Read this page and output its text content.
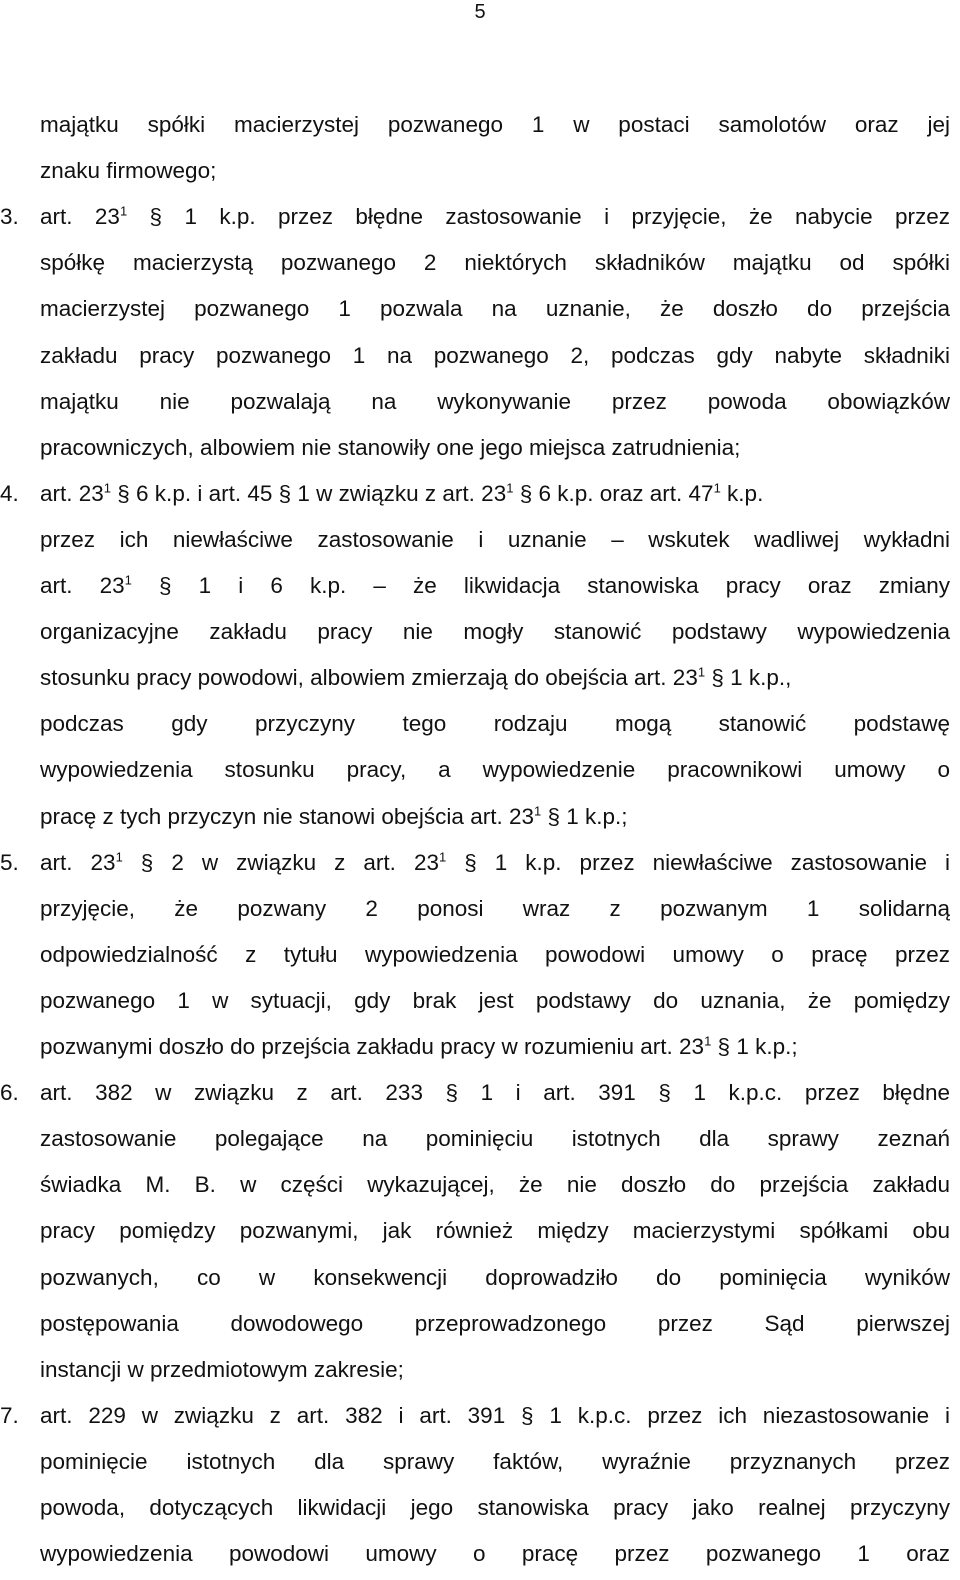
5
majątku spółki macierzystej pozwanego 1 w postaci samolotów oraz jej
znaku firmowego;
3. art. $23^1$ § 1 k.p. przez błędne zastosowanie i przyjęcie, że nabycie przez
spółkę macierzystą pozwanego 2 niektórych składników majątku od spółki
macierzystej pozwanego 1 pozwala na uznanie, że doszło do przejścia
zakładu pracy pozwanego 1 na pozwanego 2, podczas gdy nabyte składniki
majątku nie pozwalają na wykonywanie przez powoda obowiązków
pracowniczych, albowiem nie stanowiły one jego miejsca zatrudnienia;
4. art. $23^1$ § 6 k.p. i art. 45 § 1 w związku z art. $23^1$ § 6 k.p. oraz art. $47^1$ k.p.
przez ich niewłaściwe zastosowanie i uznanie – wskutek wadliwej wykładni
art. $23^1$ § 1 i 6 k.p. – że likwidacja stanowiska pracy oraz zmiany
organizacyjne zakładu pracy nie mogły stanowić podstawy wypowiedzenia
stosunku pracy powodowi, albowiem zmierzają do obejścia art. $23^1$ § 1 k.p.,
podczas gdy przyczyny tego rodzaju mogą stanowić podstawę
wypowiedzenia stosunku pracy, a wypowiedzenie pracownikowi umowy o
pracę z tych przyczyn nie stanowi obejścia art. $23^1$ § 1 k.p.;
5. art. $23^1$ § 2 w związku z art. $23^1$ § 1 k.p. przez niewłaściwe zastosowanie i
przyjęcie, że pozwany 2 ponosi wraz z pozwanym 1 solidarną
odpowiedzialność z tytułu wypowiedzenia powodowi umowy o pracę przez
pozwanego 1 w sytuacji, gdy brak jest podstawy do uznania, że pomiędzy
pozwanymi doszło do przejścia zakładu pracy w rozumieniu art. $23^1$ § 1 k.p.;
6. art. 382 w związku z art. 233 § 1 i art. 391 § 1 k.p.c. przez błędne
zastosowanie polegające na pominięciu istotnych dla sprawy zeznań
świadka M. B. w części wykazującej, że nie doszło do przejścia zakładu
pracy pomiędzy pozwanymi, jak również między macierzystymi spółkami obu
pozwanych, co w konsekwencji doprowadziło do pominięcia wyników
postępowania dowodowego przeprowadzonego przez Sąd pierwszej
instancji w przedmiotowym zakresie;
7. art. 229 w związku z art. 382 i art. 391 § 1 k.p.c. przez ich niezastosowanie i
pominięcie istotnych dla sprawy faktów, wyraźnie przyznanych przez
powoda, dotyczących likwidacji jego stanowiska pracy jako realnej przyczyny
wypowiedzenia powodowi umowy o pracę przez pozwanego 1 oraz
